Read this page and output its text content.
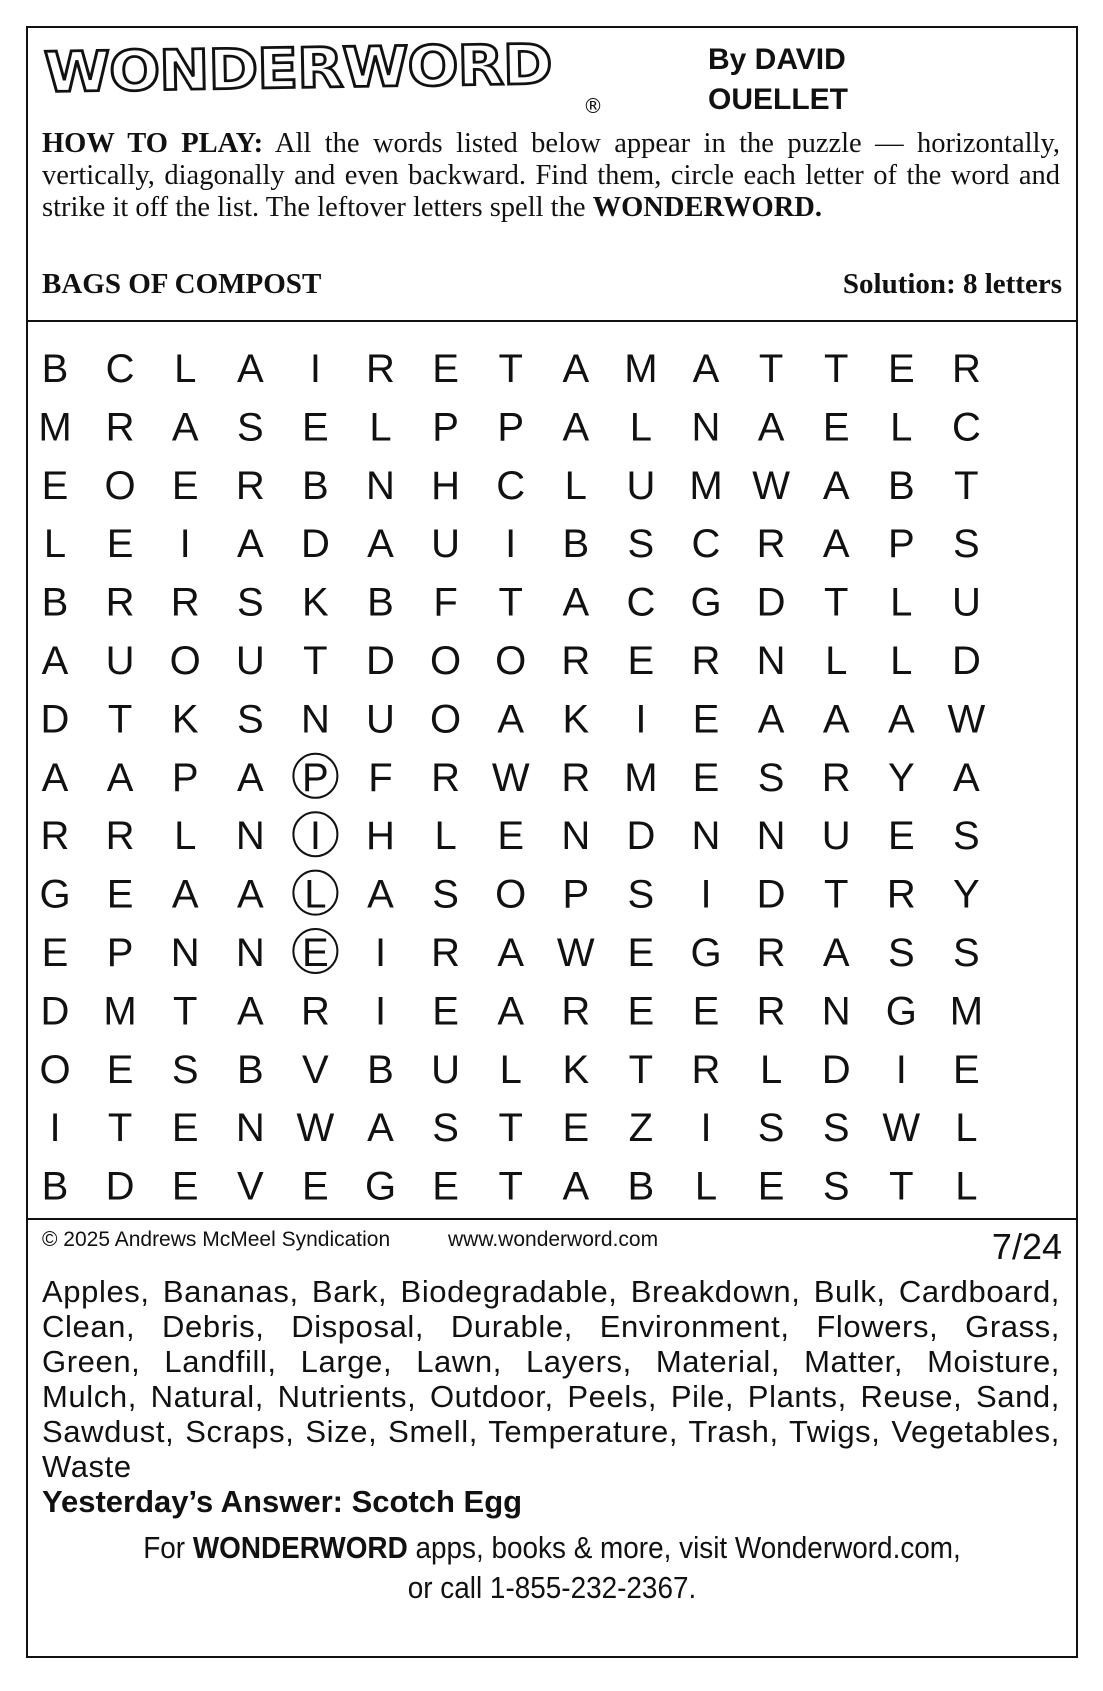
WONDERWORD
®
By DAVID OUELLET

HOW TO PLAY: All the words listed below appear in the puzzle — horizontally, vertically, diagonally and even backward. Find them, circle each letter of the word and strike it off the list. The leftover letters spell the WONDERWORD.

BAGS OF COMPOST	Solution: 8 letters
B C L A I R E T A M A T T E R
M R A S E L P P A L N A E L C
E O E R B N H C L U M W A B T
L E I A D A U I B S C R A P S
B R R S K B F T A C G D T L U
A U O U T D O O R E R N L L D
D T K S N U O A K I E A A A W
A A P A P F R W R M E S R Y A
R R L N I H L E N D N N U E S
G E A A L A S O P S I D T R Y
E P N N E I R A W E G R A S S
D M T A R I E A R E E R N G M
O E S B V B U L K T R L D I E
I T E N W A S T E Z I S S W L
B D E V E G E T A B L E S T L
© 2025 Andrews McMeel Syndication	www.wonderword.com	7/24

Apples, Bananas, Bark, Biodegradable, Breakdown, Bulk, Cardboard, Clean, Debris, Disposal, Durable, Environment, Flowers, Grass, Green, Landfill, Large, Lawn, Layers, Material, Matter, Moisture, Mulch, Natural, Nutrients, Outdoor, Peels, Pile, Plants, Reuse, Sand, Sawdust, Scraps, Size, Smell, Temperature, Trash, Twigs, Vegetables, Waste

Yesterday’s Answer: Scotch Egg
For WONDERWORD apps, books & more, visit Wonderword.com,
or call 1-855-232-2367.
